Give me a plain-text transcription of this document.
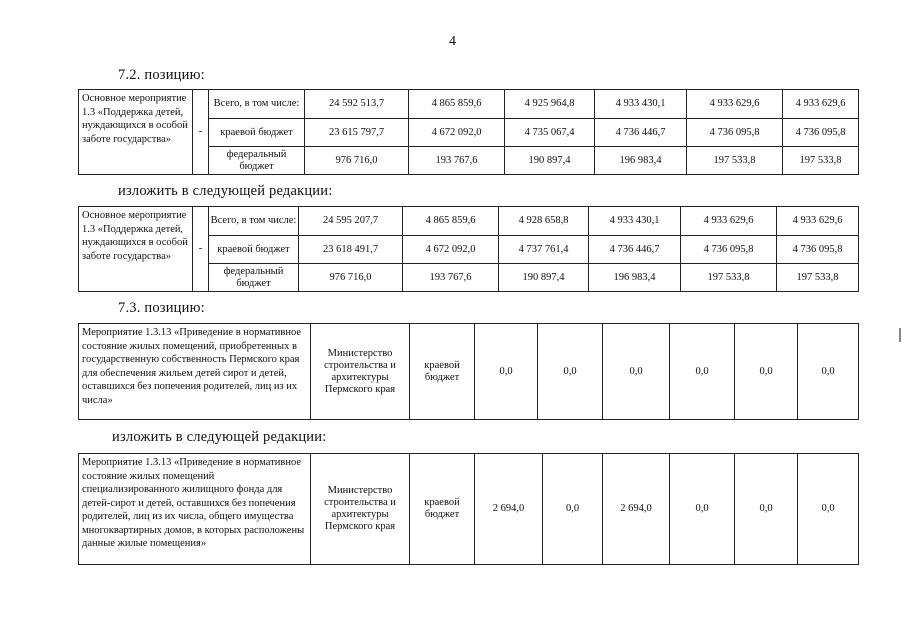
4
7.2. позицию:
Основное мероприятие 1.3 «Поддержка детей, нуждающихся в особой заботе государства»	-	Всего, в том числе:	24 592 513,7	4 865 859,6	4 925 964,8	4 933 430,1	4 933 629,6	4 933 629,6
		краевой бюджет	23 615 797,7	4 672 092,0	4 735 067,4	4 736 446,7	4 736 095,8	4 736 095,8
		федеральный бюджет	976 716,0	193 767,6	190 897,4	196 983,4	197 533,8	197 533,8
изложить в следующей редакции:
Основное мероприятие 1.3 «Поддержка детей, нуждающихся в особой заботе государства»	-	Всего, в том числе:	24 595 207,7	4 865 859,6	4 928 658,8	4 933 430,1	4 933 629,6	4 933 629,6
		краевой бюджет	23 618 491,7	4 672 092,0	4 737 761,4	4 736 446,7	4 736 095,8	4 736 095,8
		федеральный бюджет	976 716,0	193 767,6	190 897,4	196 983,4	197 533,8	197 533,8
7.3. позицию:
Мероприятие 1.3.13 «Приведение в нормативное состояние жилых помещений, приобретенных в государственную собственность Пермского края для обеспечения жильем детей сирот и детей, оставшихся без попечения родителей, лиц из их числа»	Министерство строительства и архитектуры Пермского края	краевой бюджет	0,0	0,0	0,0	0,0	0,0	0,0
изложить в следующей редакции:
Мероприятие 1.3.13 «Приведение в нормативное состояние жилых помещений специализированного жилищного фонда для детей-сирот и детей, оставшихся без попечения родителей, лиц из их числа, общего имущества многоквартирных домов, в которых расположены данные жилые помещения»	Министерство строительства и архитектуры Пермского края	краевой бюджет	2 694,0	0,0	2 694,0	0,0	0,0	0,0
